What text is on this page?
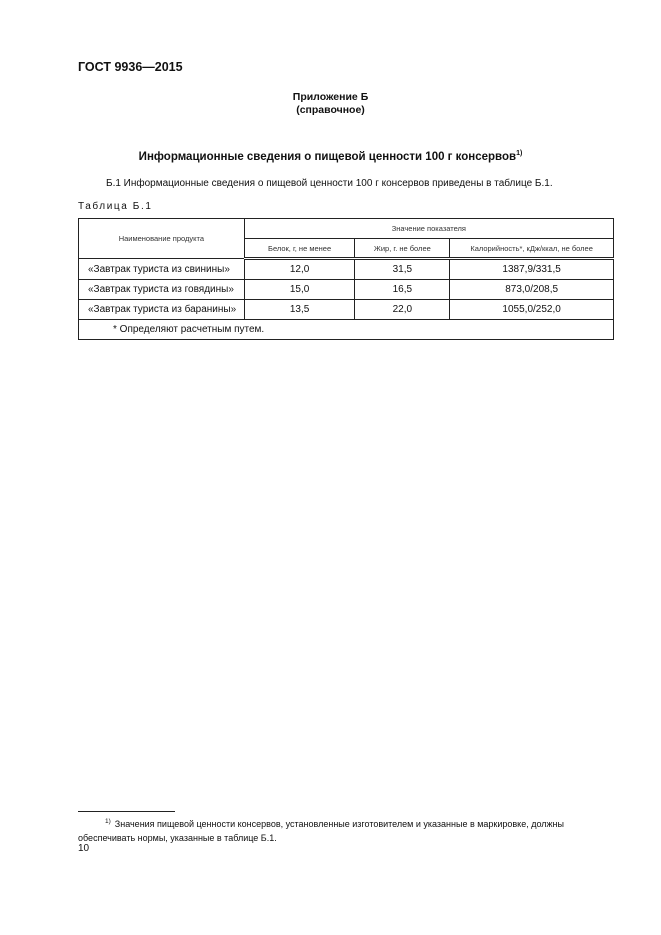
ГОСТ 9936—2015
Приложение Б
(справочное)
Информационные сведения о пищевой ценности 100 г консервов$^{1)}$
Б.1 Информационные сведения о пищевой ценности 100 г консервов приведены в таблице Б.1.
Таблица Б.1
Наименование продукта	Значение показателя		
	Белок, г, не менее	Жир, г. не более	Калорийность*, кДж/ккал, не более
«Завтрак туриста из свинины»	12,0	31,5	1387,9/331,5
«Завтрак туриста из говядины»	15,0	16,5	873,0/208,5
«Завтрак туриста из баранины»	13,5	22,0	1055,0/252,0
* Определяют расчетным путем.			
$^{1)}$ Значения пищевой ценности консервов, установленные изготовителем и указанные в маркировке, должны обеспечивать нормы, указанные в таблице Б.1.
10
